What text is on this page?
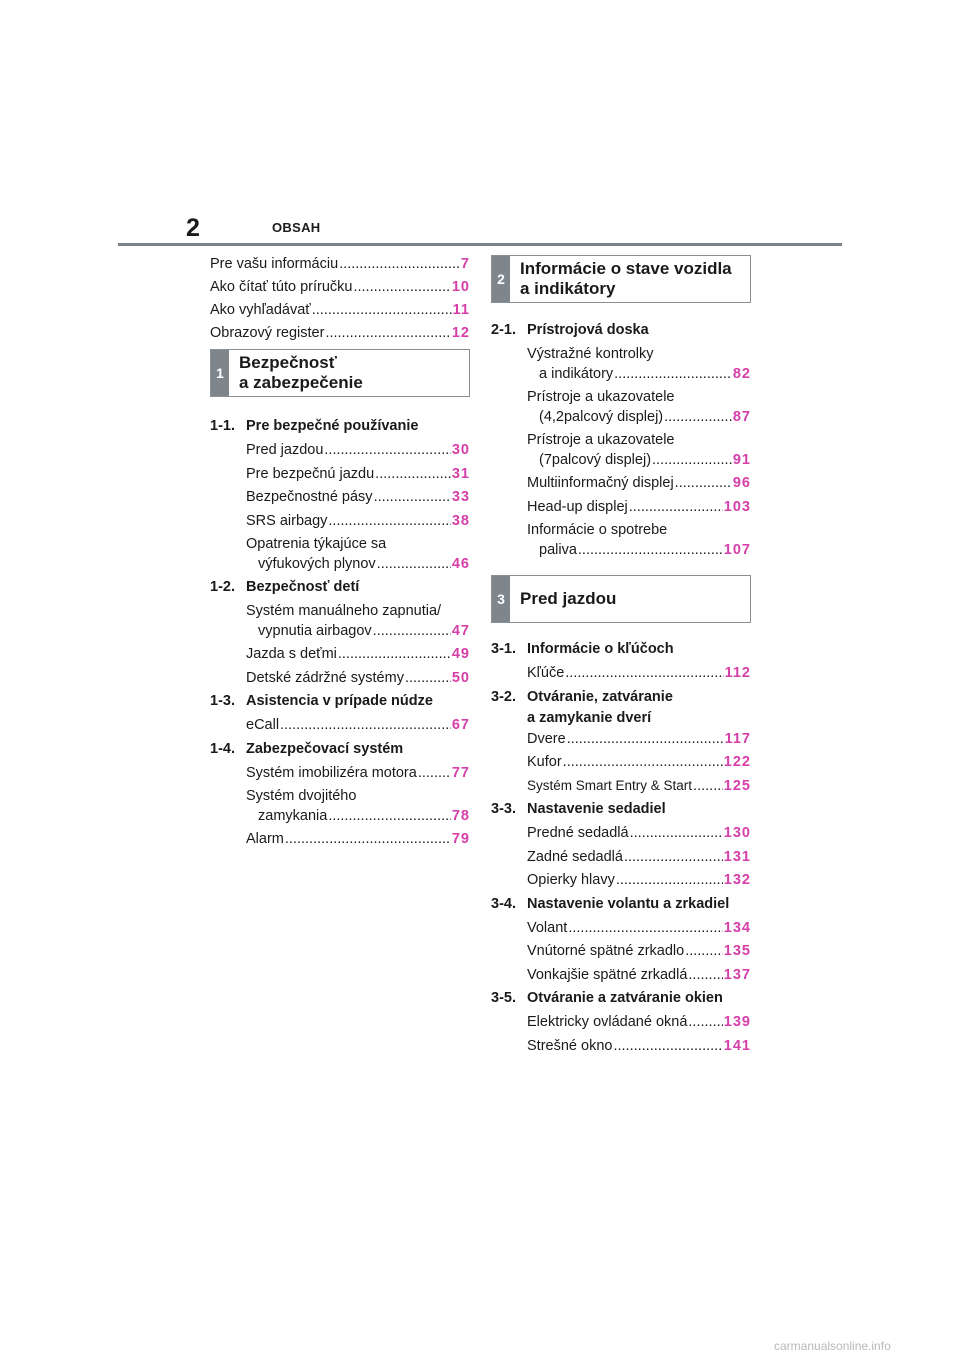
2	OBSAH
Pre vašu informáciu .....	7
Ako čítať túto príručku .....	10
Ako vyhľadávať .....	11
Obrazový register .....	12
1
Bezpečnosť
a zabezpečenie
1-1. Pre bezpečné používanie
Pred jazdou .....	30
Pre bezpečnú jazdu .....	31
Bezpečnostné pásy .....	33
SRS airbagy .....	38
Opatrenia týkajúce sa
výfukových plynov .....	46
1-2. Bezpečnosť detí
Systém manuálneho zapnutia/
vypnutia airbagov .....	47
Jazda s deťmi .....	49
Detské zádržné systémy .....	50
1-3. Asistencia v prípade núdze
eCall .....	67
1-4. Zabezpečovací systém
Systém imobilizéra motora ..... 77
Systém dvojitého
zamykania .....	78
Alarm .....	79
2
Informácie o stave vozidla
a indikátory
2-1. Prístrojová doska
Výstražné kontrolky
a indikátory .....	82
Prístroje a ukazovatele
(4,2palcový displej) .....	87
Prístroje a ukazovatele
(7palcový displej) .....	91
Multiinformačný displej .....	96
Head-up displej .....	103
Informácie o spotrebe
paliva .....	107
3 Pred jazdou
3-1. Informácie o kľúčoch
Kľúče .....	112
3-2. Otváranie, zatváranie
a zamykanie dverí
Dvere .....	117
Kufor .....	122
Systém Smart Entry & Start ..... 125
3-3. Nastavenie sedadiel
Predné sedadlá .....	130
Zadné sedadlá .....	131
Opierky hlavy .....	132
3-4. Nastavenie volantu a zrkadiel
Volant .....	134
Vnútorné spätné zrkadlo .....	135
Vonkajšie spätné zrkadlá .....	137
3-5. Otváranie a zatváranie okien
Elektricky ovládané okná .....	139
Strešné okno .....	141
carmanualsonline.info
